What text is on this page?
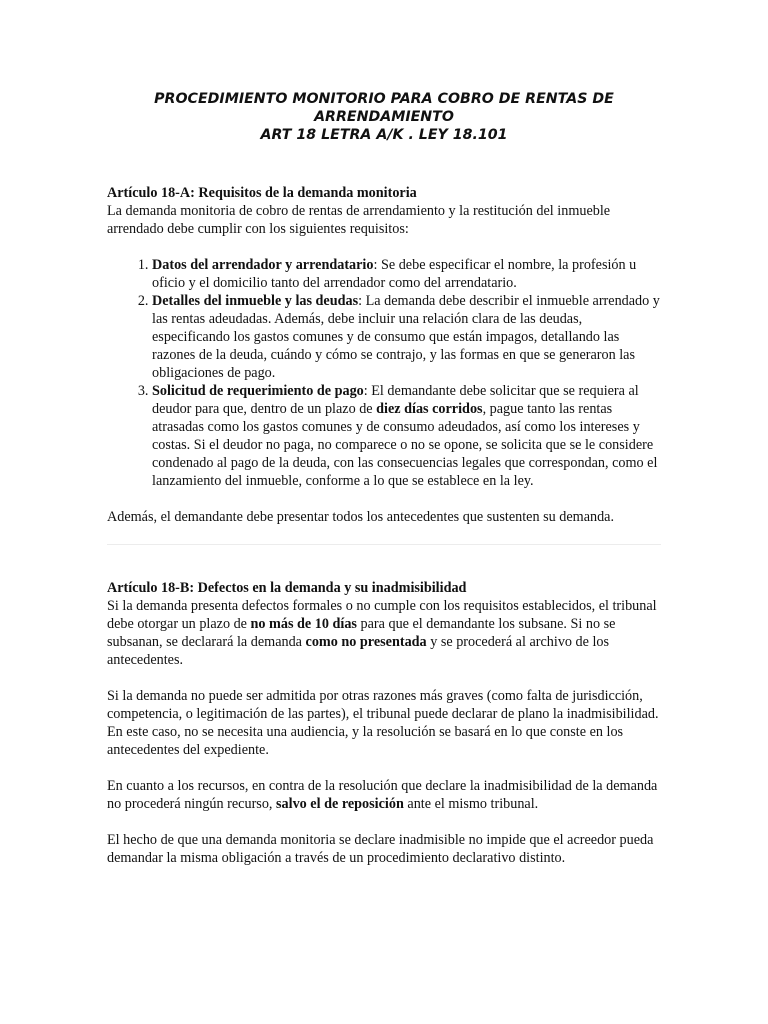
PROCEDIMIENTO MONITORIO PARA COBRO DE RENTAS DE
ARRENDAMIENTO
ART 18 LETRA A/K . LEY 18.101
Artículo 18-A: Requisitos de la demanda monitoria

La demanda monitoria de cobro de rentas de arrendamiento y la restitución del inmueble arrendado debe cumplir con los siguientes requisitos:

1. Datos del arrendador y arrendatario: Se debe especificar el nombre, la profesión u oficio y el domicilio tanto del arrendador como del arrendatario.
2. Detalles del inmueble y las deudas: La demanda debe describir el inmueble arrendado y las rentas adeudadas. Además, debe incluir una relación clara de las deudas, especificando los gastos comunes y de consumo que están impagos, detallando las razones de la deuda, cuándo y cómo se contrajo, y las formas en que se generaron las obligaciones de pago.
3. Solicitud de requerimiento de pago: El demandante debe solicitar que se requiera al deudor para que, dentro de un plazo de diez días corridos, pague tanto las rentas atrasadas como los gastos comunes y de consumo adeudados, así como los intereses y costas. Si el deudor no paga, no comparece o no se opone, se solicita que se le considere condenado al pago de la deuda, con las consecuencias legales que correspondan, como el lanzamiento del inmueble, conforme a lo que se establece en la ley.

Además, el demandante debe presentar todos los antecedentes que sustenten su demanda.

Artículo 18-B: Defectos en la demanda y su inadmisibilidad

Si la demanda presenta defectos formales o no cumple con los requisitos establecidos, el tribunal debe otorgar un plazo de no más de 10 días para que el demandante los subsane. Si no se subsanan, se declarará la demanda como no presentada y se procederá al archivo de los antecedentes.

Si la demanda no puede ser admitida por otras razones más graves (como falta de jurisdicción, competencia, o legitimación de las partes), el tribunal puede declarar de plano la inadmisibilidad. En este caso, no se necesita una audiencia, y la resolución se basará en lo que conste en los antecedentes del expediente.

En cuanto a los recursos, en contra de la resolución que declare la inadmisibilidad de la demanda no procederá ningún recurso, salvo el de reposición ante el mismo tribunal.

El hecho de que una demanda monitoria se declare inadmisible no impide que el acreedor pueda demandar la misma obligación a través de un procedimiento declarativo distinto.
